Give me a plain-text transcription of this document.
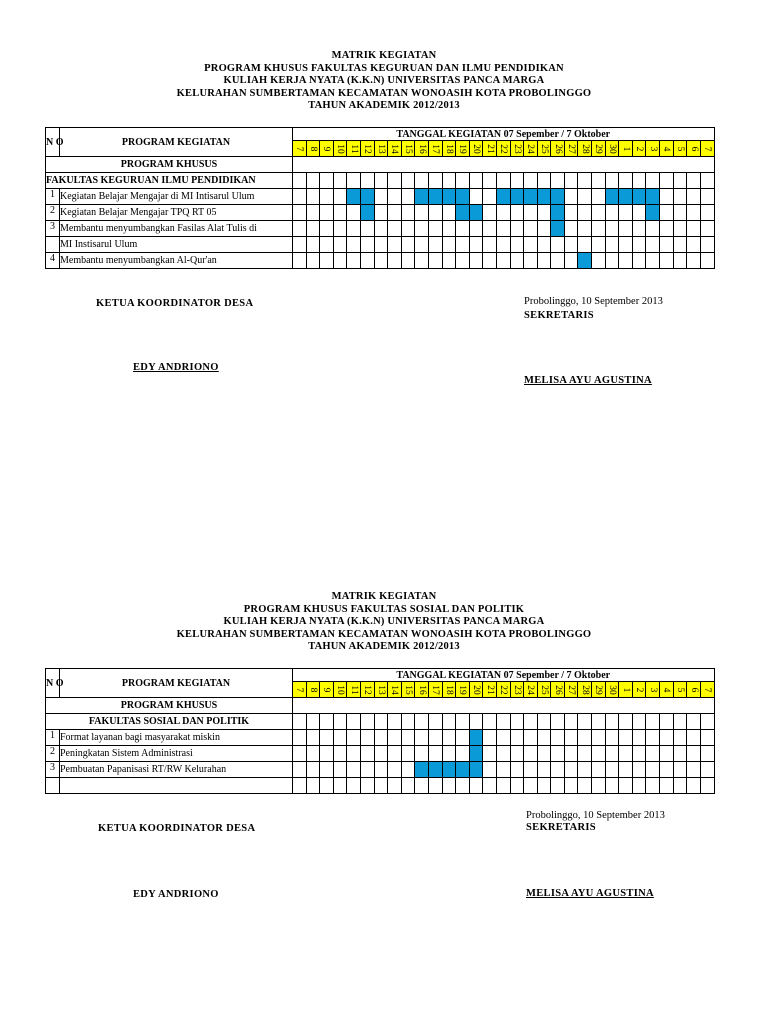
MATRIK KEGIATAN
PROGRAM KHUSUS FAKULTAS KEGURUAN DAN ILMU PENDIDIKAN
KULIAH KERJA NYATA (K.K.N) UNIVERSITAS PANCA MARGA
KELURAHAN SUMBERTAMAN KECAMATAN WONOASIH KOTA PROBOLINGGO
TAHUN AKADEMIK 2012/2013
N O	PROGRAM KEGIATAN	TANGGAL KEGIATAN 07 Sepember / 7 Oktober																														

		7	8	9	10	11	12	13	14	15	16	17	18	19	20	21	22	23	24	25	26	27	28	29	30	1	2	3	4	5	6	7

PROGRAM KHUSUS																																
FAKULTAS KEGURUAN ILMU PENDIDIKAN																																
1	Kegiatan Belajar Mengajar di MI Intisarul Ulum																															
2	Kegiatan Belajar Mengajar TPQ RT 05																															
3	Membantu menyumbangkan Fasilas Alat Tulis di																															
	MI Instisarul Ulum																															
4	Membantu menyumbangkan Al-Qur'an																															
KETUA KOORDINATOR DESA	Probolinggo, 10 September 2013
SEKRETARIS
EDY ANDRIONO
MELISA AYU AGUSTINA
MATRIK KEGIATAN
PROGRAM KHUSUS FAKULTAS SOSIAL DAN POLITIK
KULIAH KERJA NYATA (K.K.N) UNIVERSITAS PANCA MARGA
KELURAHAN SUMBERTAMAN KECAMATAN WONOASIH KOTA PROBOLINGGO
TAHUN AKADEMIK 2012/2013
N O	PROGRAM KEGIATAN	TANGGAL KEGIATAN 07 Sepember / 7 Oktober																														

		7	8	9	10	11	12	13	14	15	16	17	18	19	20	21	22	23	24	25	26	27	28	29	30	1	2	3	4	5	6	7

PROGRAM KHUSUS																																
FAKULTAS SOSIAL DAN POLITIK																																
1	Format layanan bagi masyarakat miskin																															
2	Peningkatan Sistem Administrasi																															
3	Pembuatan Papanisasi RT/RW Kelurahan																															

Probolinggo, 10 September 2013
KETUA KOORDINATOR DESA	SEKRETARIS
EDY ANDRIONO	MELISA AYU AGUSTINA
